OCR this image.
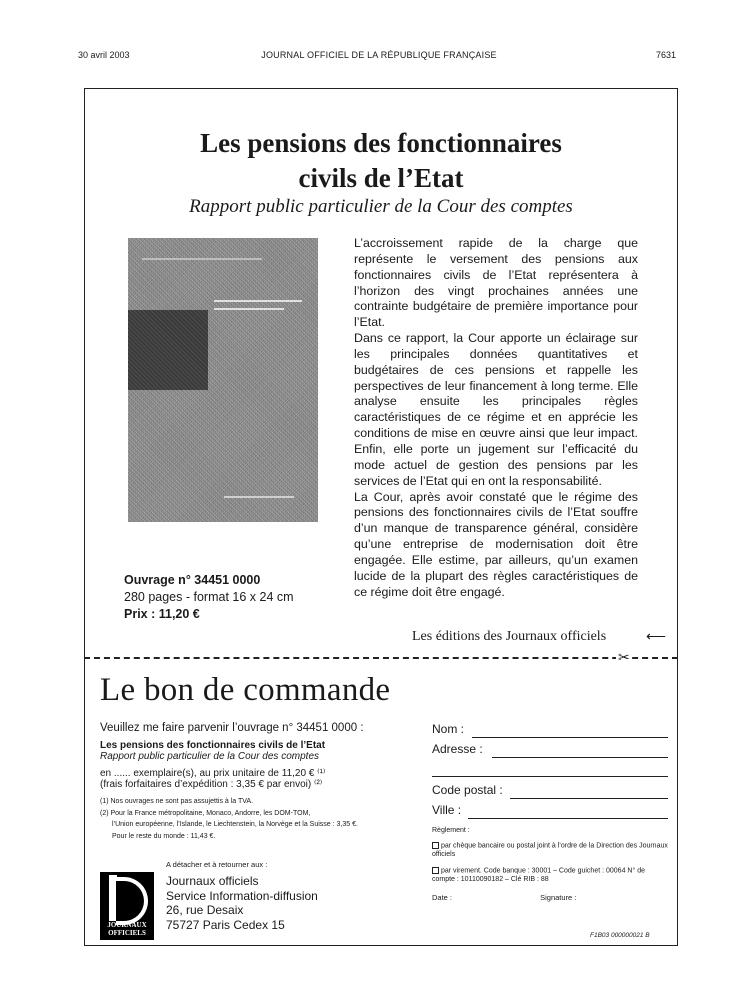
30 avril 2003	JOURNAL OFFICIEL DE LA RÉPUBLIQUE FRANÇAISE	7631
Les pensions des fonctionnaires
civils de l’Etat
Rapport public particulier de la Cour des comptes
Ouvrage n° 34451 0000
280 pages - format 16 x 24 cm
Prix : 11,20 €

L’accroissement rapide de la charge que représente le versement des pensions aux fonctionnaires civils de l’Etat représentera à l’horizon des vingt prochaines années une contrainte budgétaire de première importance pour l’Etat.

Dans ce rapport, la Cour apporte un éclairage sur les principales données quantitatives et budgétaires de ces pensions et rappelle les perspectives de leur financement à long terme. Elle analyse ensuite les principales règles caractéristiques de ce régime et en apprécie les conditions de mise en œuvre ainsi que leur impact. Enfin, elle porte un jugement sur l’efficacité du mode actuel de gestion des pensions par les services de l’Etat qui en ont la responsabilité.

La Cour, après avoir constaté que le régime des pensions des fonctionnaires civils de l’Etat souffre d’un manque de transparence général, considère qu’une entreprise de modernisation doit être engagée. Elle estime, par ailleurs, qu’un examen lucide de la plupart des règles caractéristiques de ce régime doit être engagé.

Les éditions des Journaux officiels	⟵
✂
Le bon de commande
Veuillez me faire parvenir l’ouvrage n° 34451 0000 :
Les pensions des fonctionnaires civils de l’Etat
Rapport public particulier de la Cour des comptes
en ...... exemplaire(s), au prix unitaire de 11,20 € ⁽¹⁾
(frais forfaitaires d’expédition : 3,35 € par envoi) ⁽²⁾
(1) Nos ouvrages ne sont pas assujettis à la TVA.
(2) Pour la France métropolitaine, Monaco, Andorre, les DOM-TOM,
l’Union européenne, l’Islande, le Liechtenstein, la Norvège et la Suisse : 3,35 €.
Pour le reste du monde : 11,43 €.
JOURNAUX
OFFICIELS
A détacher et à retourner aux :
Journaux officiels
Service Information-diffusion
26, rue Desaix
75727 Paris Cedex 15
Nom :
Adresse :
Code postal :
Ville :
Règlement :
par chèque bancaire ou postal joint à l’ordre de la Direction des Journaux officiels
par virement. Code banque : 30001 – Code guichet : 00064 N° de compte : 10110090182 – Clé RIB : 88
Date :	Signature :
F1B03 000000021 B
